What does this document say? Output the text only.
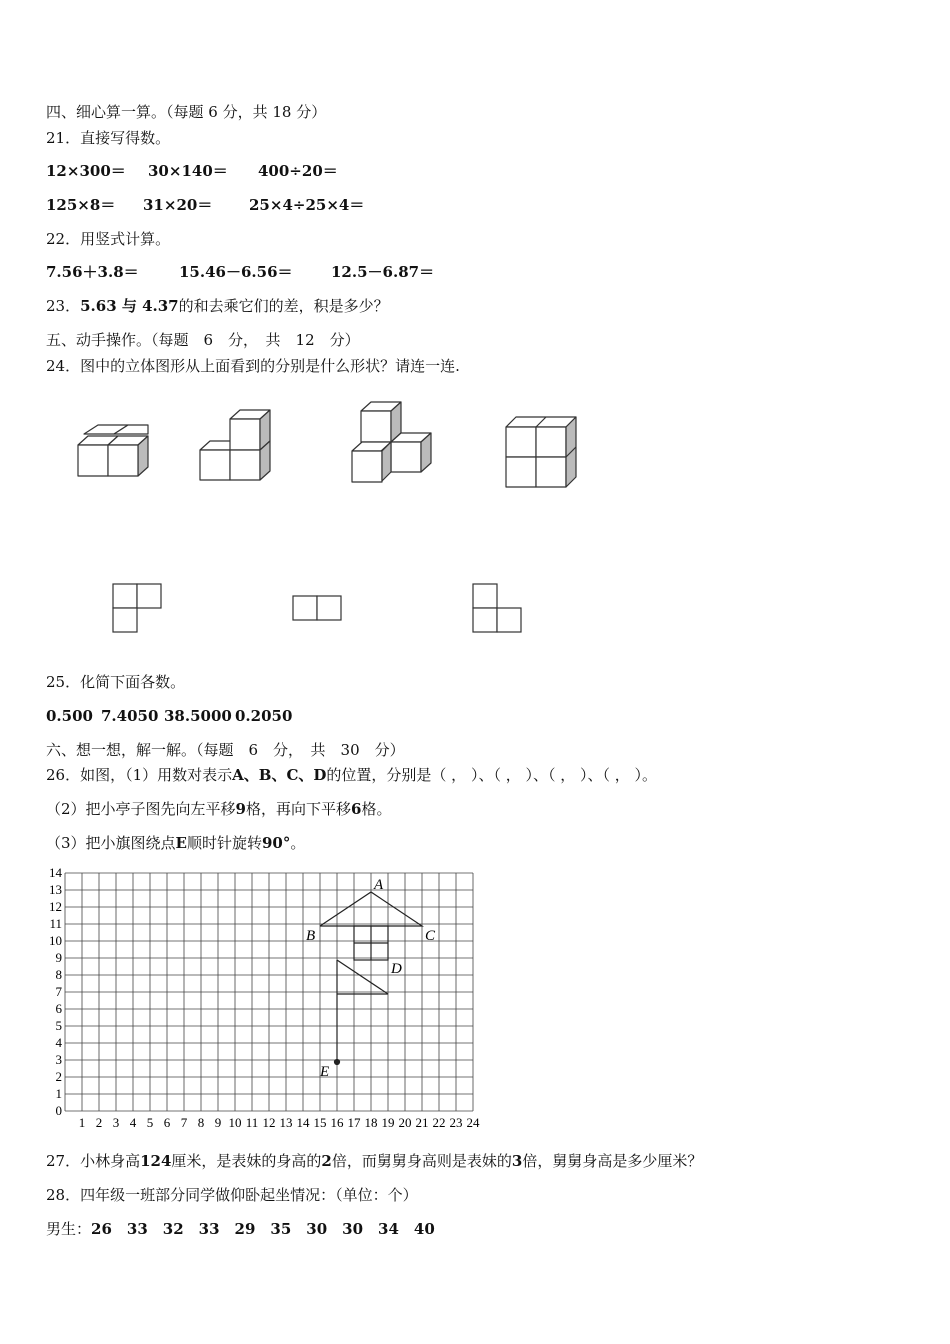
四、细心算一算。（每题 6 分，共 18 分）
21．直接写得数。
12×300＝ 30×140＝ 400÷20＝
125×8＝ 31×20＝ 25×4÷25×4＝
22．用竖式计算。
7.56＋3.8＝	15.46－6.56＝	12.5－6.87＝
23．5.63 与 4.37的和去乘它们的差，积是多少？
五、动手操作。（每题　6　分，　共　12　分）
24．图中的立体图形从上面看到的分别是什么形状？请连一连.
25．化简下面各数。
0.500 7.4050 38.5000 0.2050
六、想一想，解一解。（每题　6　分，　共　30　分）
26．如图，（1）用数对表示A、B、C、D的位置，分别是（ ， ）、（ ， ）、（ ， ）、（ ， ）。
（2）把小亭子图先向左平移9格，再向下平移6格。
（3）把小旗图绕点E顺时针旋转90°。
1 2 3 4 5 6 7 8 9 10 11 12 13 14 15 16 17 18 19 20 21 22 23 24
0
1
2
3
4
5
6
7
8
9
10
11
12
13
14
A
B	C
D
E
27．小林身高124厘米，是表妹的身高的2倍，而舅舅身高则是表妹的3倍，舅舅身高是多少厘米？
28．四年级一班部分同学做仰卧起坐情况：（单位：个）
男生：26　33　32　33　29　35　30　30　34　40
